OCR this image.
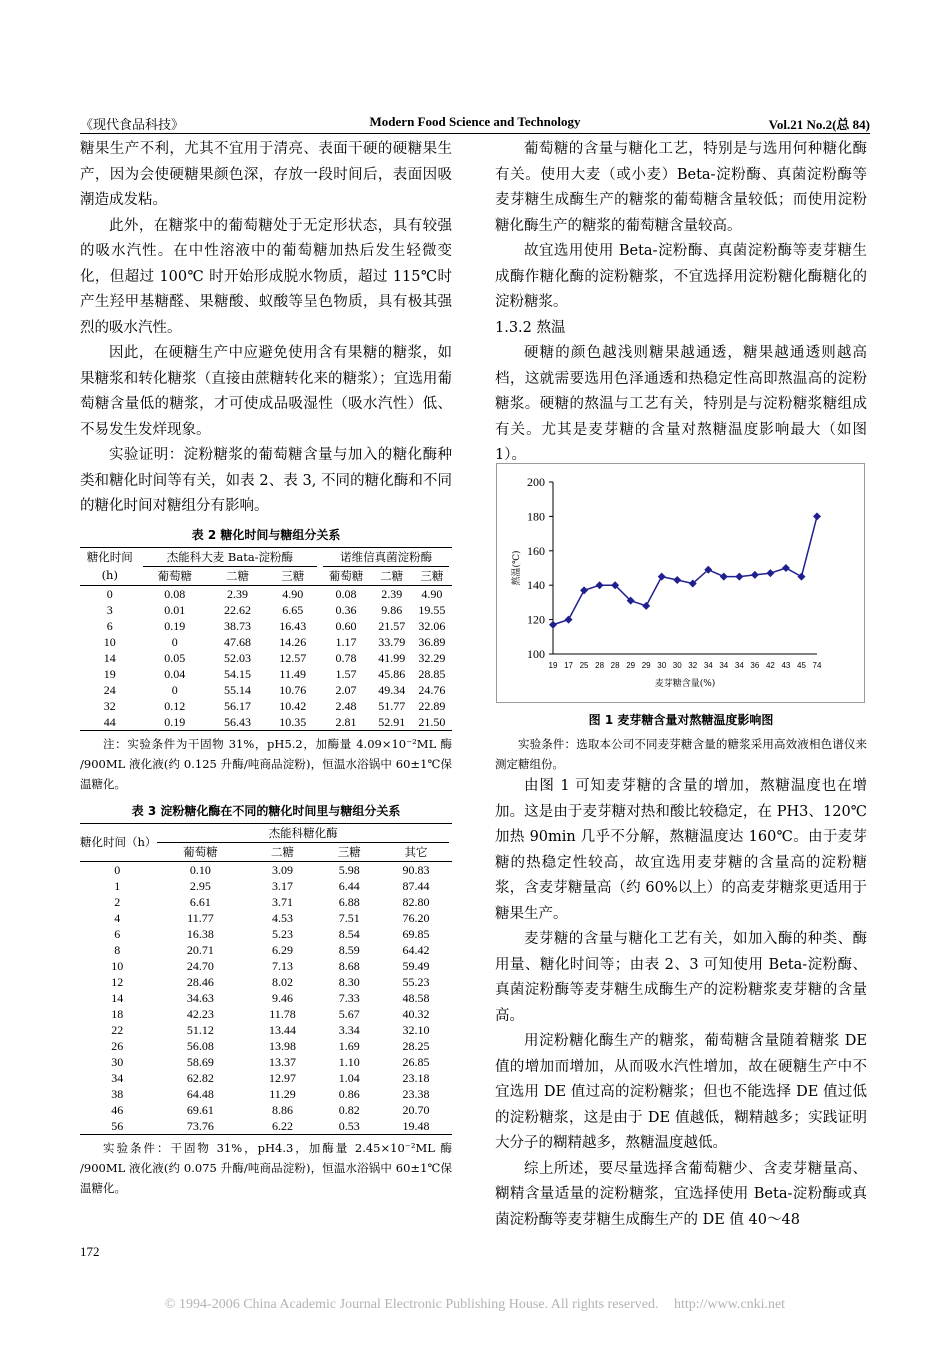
《现代食品科技》	Modern Food Science and Technology	Vol.21 No.2(总 84)

糖果生产不利，尤其不宜用于清亮、表面干硬的硬糖果生产，因为会使硬糖果颜色深，存放一段时间后，表面因吸潮造成发粘。

此外，在糖浆中的葡萄糖处于无定形状态，具有较强的吸水汽性。在中性溶液中的葡萄糖加热后发生轻微变化，但超过 100℃ 时开始形成脱水物质，超过 115℃时产生羟甲基糖醛、果糖酸、蚁酸等呈色物质，具有极其强烈的吸水汽性。

因此，在硬糖生产中应避免使用含有果糖的糖浆，如果糖浆和转化糖浆（直接由蔗糖转化来的糖浆）；宜选用葡萄糖含量低的糖浆，才可使成品吸湿性（吸水汽性）低、不易发生发烊现象。

实验证明：淀粉糖浆的葡萄糖含量与加入的糖化酶种类和糖化时间等有关，如表 2、表 3, 不同的糖化酶和不同的糖化时间对糖组分有影响。

表 2 糖化时间与糖组分关系
糖化时间(h)	杰能科大麦 Bata-淀粉酶			诺维信真菌淀粉酶		
	葡萄糖	二糖	三糖	葡萄糖	二糖	三糖
0	0.08	2.39	4.90	0.08	2.39	4.90
3	0.01	22.62	6.65	0.36	9.86	19.55
6	0.19	38.73	16.43	0.60	21.57	32.06
10	0	47.68	14.26	1.17	33.79	36.89
14	0.05	52.03	12.57	0.78	41.99	32.29
19	0.04	54.15	11.49	1.57	45.86	28.85
24	0	55.14	10.76	2.07	49.34	24.76
32	0.12	56.17	10.42	2.48	51.77	22.89
44	0.19	56.43	10.35	2.81	52.91	21.50
注：实验条件为干固物 31%，pH5.2，加酶量 4.09×10⁻²ML 酶 /900ML 液化液(约 0.125 升酶/吨商品淀粉)，恒温水浴锅中 60±1℃保温糖化。
表 3 淀粉糖化酶在不同的糖化时间里与糖组分关系
糖化时间（h）	杰能科糖化酶			
	葡萄糖	二糖	三糖	其它
0	0.10	3.09	5.98	90.83
1	2.95	3.17	6.44	87.44
2	6.61	3.71	6.88	82.80
4	11.77	4.53	7.51	76.20
6	16.38	5.23	8.54	69.85
8	20.71	6.29	8.59	64.42
10	24.70	7.13	8.68	59.49
12	28.46	8.02	8.30	55.23
14	34.63	9.46	7.33	48.58
18	42.23	11.78	5.67	40.32
22	51.12	13.44	3.34	32.10
26	56.08	13.98	1.69	28.25
30	58.69	13.37	1.10	26.85
34	62.82	12.97	1.04	23.18
38	64.48	11.29	0.86	23.38
46	69.61	8.86	0.82	20.70
56	73.76	6.22	0.53	19.48
实验条件：干固物 31%，pH4.3，加酶量 2.45×10⁻²ML 酶 /900ML 液化液(约 0.075 升酶/吨商品淀粉)，恒温水浴锅中 60±1℃保温糖化。

葡萄糖的含量与糖化工艺，特别是与选用何种糖化酶有关。使用大麦（或小麦）Beta-淀粉酶、真菌淀粉酶等麦芽糖生成酶生产的糖浆的葡萄糖含量较低；而使用淀粉糖化酶生产的糖浆的葡萄糖含量较高。

故宜选用使用 Beta-淀粉酶、真菌淀粉酶等麦芽糖生成酶作糖化酶的淀粉糖浆，不宜选择用淀粉糖化酶糖化的淀粉糖浆。

1.3.2 熬温

硬糖的颜色越浅则糖果越通透，糖果越通透则越高档，这就需要选用色泽通透和热稳定性高即熬温高的淀粉糖浆。硬糖的熬温与工艺有关，特别是与淀粉糖浆糖组成有关。尤其是麦芽糖的含量对熬糖温度影响最大（如图 1）。

100
120
140
160
180
200
19 17 25 28 28 29 29 30 30 32 34 34 34 36 42 43 45 74
麦芽糖含量(%)
熬温(℃)
图 1 麦芽糖含量对熬糖温度影响图
实验条件：选取本公司不同麦芽糖含量的糖浆采用高效液相色谱仪来测定糖组份。

由图 1 可知麦芽糖的含量的增加，熬糖温度也在增加。这是由于麦芽糖对热和酸比较稳定，在 PH3、120℃加热 90min 几乎不分解，熬糖温度达 160℃。由于麦芽糖的热稳定性较高，故宜选用麦芽糖的含量高的淀粉糖浆，含麦芽糖量高（约 60%以上）的高麦芽糖浆更适用于糖果生产。

麦芽糖的含量与糖化工艺有关，如加入酶的种类、酶用量、糖化时间等；由表 2、3 可知使用 Beta-淀粉酶、真菌淀粉酶等麦芽糖生成酶生产的淀粉糖浆麦芽糖的含量高。

用淀粉糖化酶生产的糖浆，葡萄糖含量随着糖浆 DE 值的增加而增加，从而吸水汽性增加，故在硬糖生产中不宜选用 DE 值过高的淀粉糖浆；但也不能选择 DE 值过低的淀粉糖浆，这是由于 DE 值越低，糊精越多；实践证明大分子的糊精越多，熬糖温度越低。

综上所述，要尽量选择含葡萄糖少、含麦芽糖量高、糊精含量适量的淀粉糖浆，宜选择使用 Beta-淀粉酶或真菌淀粉酶等麦芽糖生成酶生产的 DE 值 40～48

172
© 1994-2006 China Academic Journal Electronic Publishing House. All rights reserved. http://www.cnki.net
